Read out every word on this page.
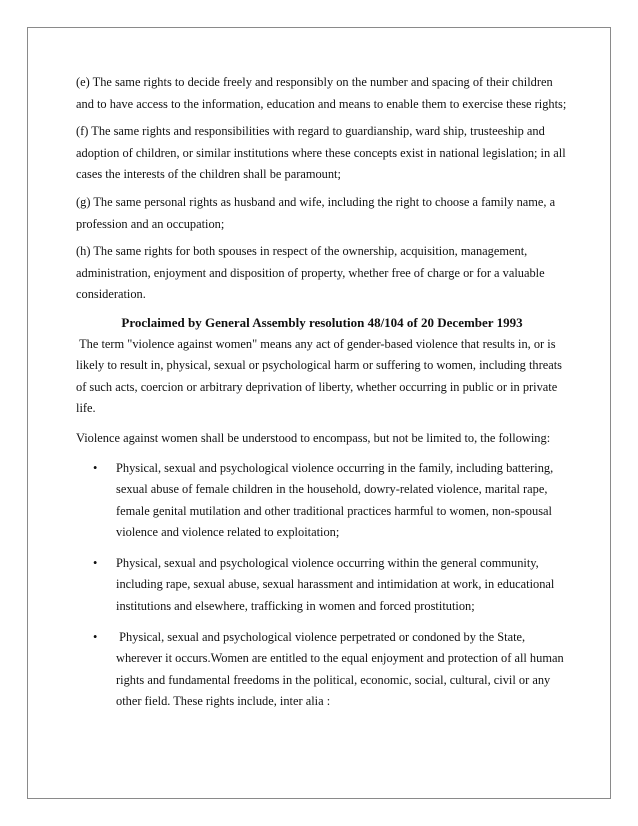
(e) The same rights to decide freely and responsibly on the number and spacing of their children and to have access to the information, education and means to enable them to exercise these rights;

(f) The same rights and responsibilities with regard to guardianship, ward ship, trusteeship and adoption of children, or similar institutions where these concepts exist in national legislation; in all cases the interests of the children shall be paramount;

(g) The same personal rights as husband and wife, including the right to choose a family name, a profession and an occupation;

(h) The same rights for both spouses in respect of the ownership, acquisition, management, administration, enjoyment and disposition of property, whether free of charge or for a valuable consideration.

Proclaimed by General Assembly resolution 48/104 of 20 December 1993

The term "violence against women" means any act of gender-based violence that results in, or is likely to result in, physical, sexual or psychological harm or suffering to women, including threats of such acts, coercion or arbitrary deprivation of liberty, whether occurring in public or in private life.

Violence against women shall be understood to encompass, but not be limited to, the following:

• Physical, sexual and psychological violence occurring in the family, including battering, sexual abuse of female children in the household, dowry-related violence, marital rape, female genital mutilation and other traditional practices harmful to women, non-spousal violence and violence related to exploitation;
• Physical, sexual and psychological violence occurring within the general community, including rape, sexual abuse, sexual harassment and intimidation at work, in educational institutions and elsewhere, trafficking in women and forced prostitution;
• Physical, sexual and psychological violence perpetrated or condoned by the State, wherever it occurs.Women are entitled to the equal enjoyment and protection of all human rights and fundamental freedoms in the political, economic, social, cultural, civil or any other field. These rights include, inter alia :
